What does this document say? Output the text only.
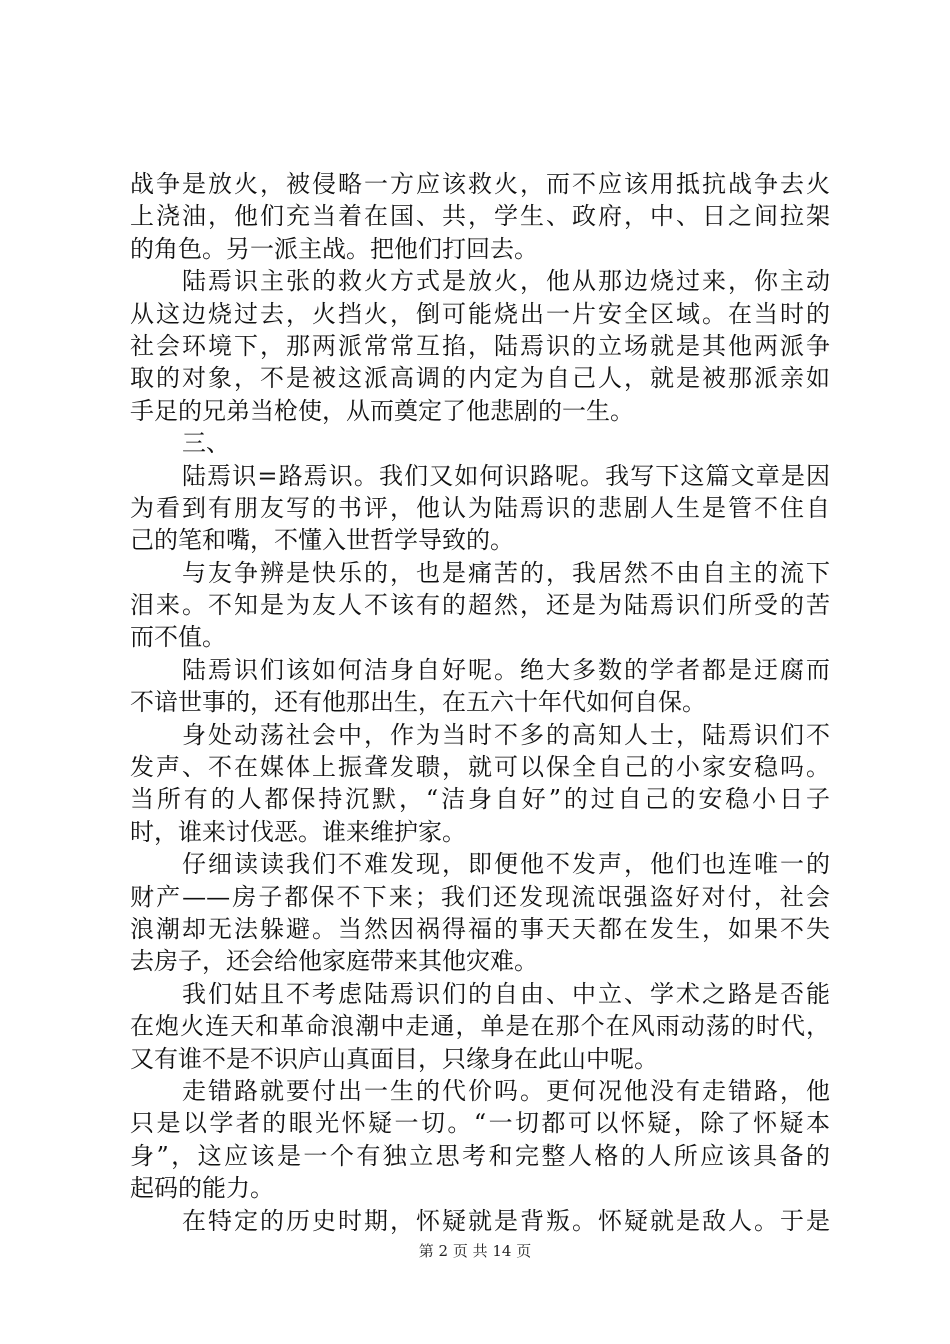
战争是放火，被侵略一方应该救火，而不应该用抵抗战争去火
上浇油，他们充当着在国、共，学生、政府，中、日之间拉架
的角色。另一派主战。把他们打回去。
陆焉识主张的救火方式是放火，他从那边烧过来，你主动
从这边烧过去，火挡火，倒可能烧出一片安全区域。在当时的
社会环境下，那两派常常互掐，陆焉识的立场就是其他两派争
取的对象，不是被这派高调的内定为自己人，就是被那派亲如
手足的兄弟当枪使，从而奠定了他悲剧的一生。
三、
陆焉识=路焉识。我们又如何识路呢。我写下这篇文章是因
为看到有朋友写的书评，他认为陆焉识的悲剧人生是管不住自
己的笔和嘴，不懂入世哲学导致的。
与友争辨是快乐的，也是痛苦的，我居然不由自主的流下
泪来。不知是为友人不该有的超然，还是为陆焉识们所受的苦
而不值。
陆焉识们该如何洁身自好呢。绝大多数的学者都是迂腐而
不谙世事的，还有他那出生，在五六十年代如何自保。
身处动荡社会中，作为当时不多的高知人士，陆焉识们不
发声、不在媒体上振聋发聩，就可以保全自己的小家安稳吗。
当所有的人都保持沉默，“洁身自好”的过自己的安稳小日子
时，谁来讨伐恶。谁来维护家。
仔细读读我们不难发现，即便他不发声，他们也连唯一的
财产——房子都保不下来；我们还发现流氓强盗好对付，社会
浪潮却无法躲避。当然因祸得福的事天天都在发生，如果不失
去房子，还会给他家庭带来其他灾难。
我们姑且不考虑陆焉识们的自由、中立、学术之路是否能
在炮火连天和革命浪潮中走通，单是在那个在风雨动荡的时代，
又有谁不是不识庐山真面目，只缘身在此山中呢。
走错路就要付出一生的代价吗。更何况他没有走错路，他
只是以学者的眼光怀疑一切。“一切都可以怀疑，除了怀疑本
身”，这应该是一个有独立思考和完整人格的人所应该具备的
起码的能力。
在特定的历史时期，怀疑就是背叛。怀疑就是敌人。于是
第 2 页 共 14 页
